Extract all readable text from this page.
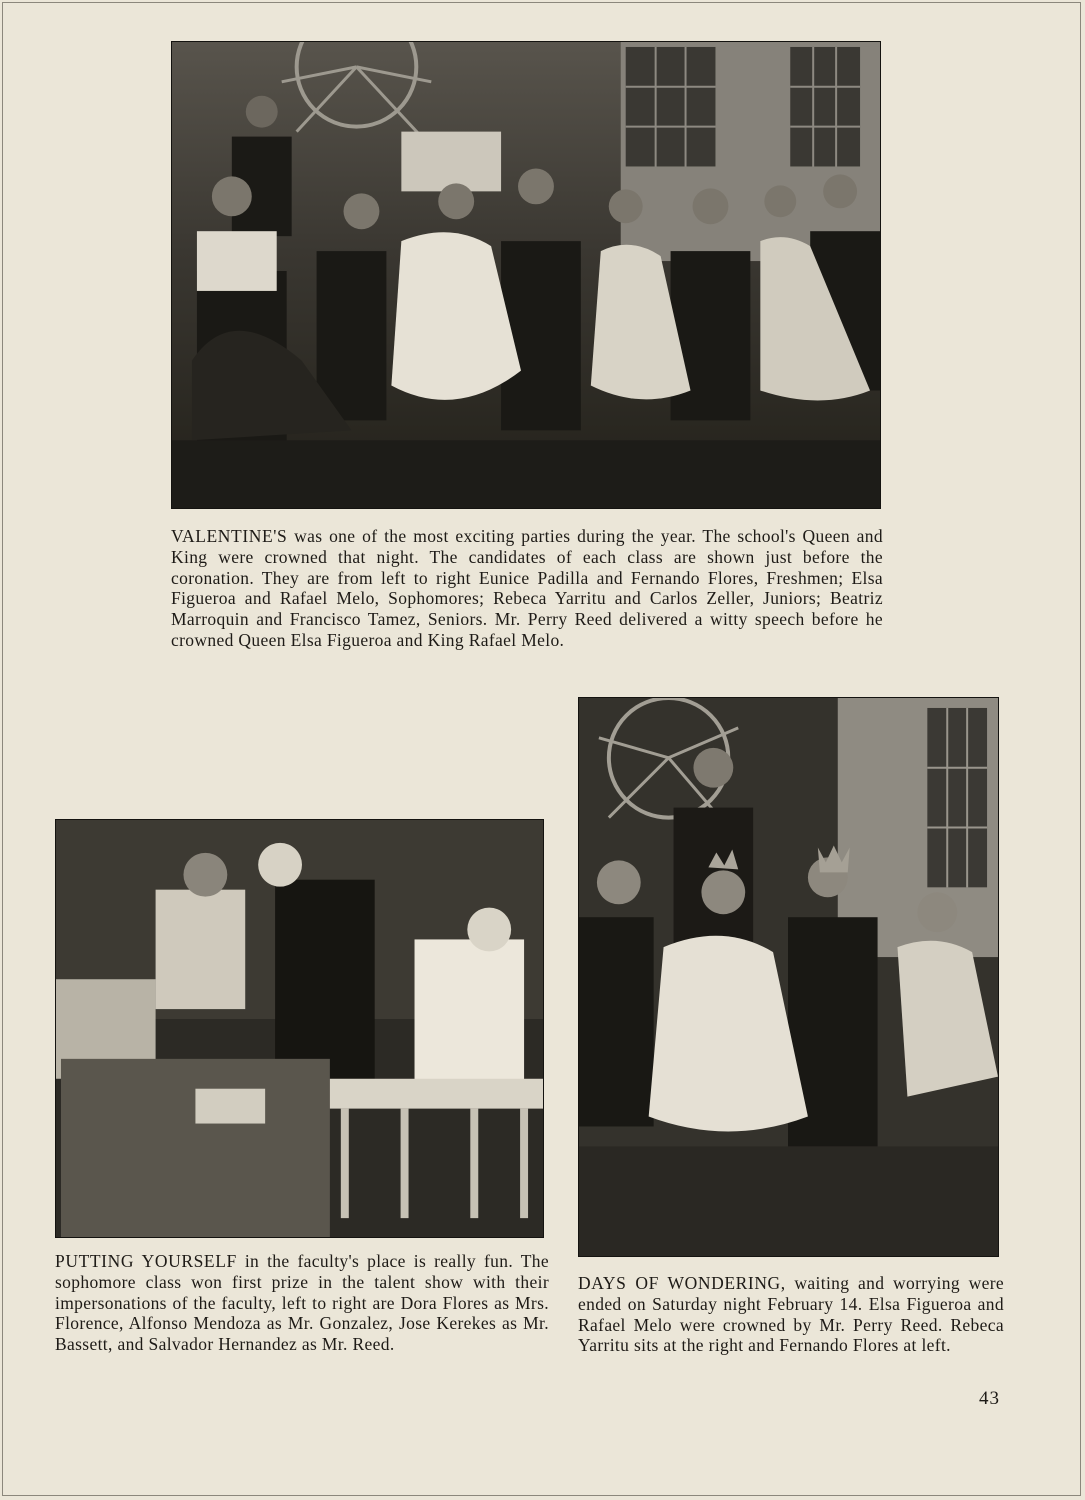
VALENTINE'S was one of the most exciting parties during the year. The school's Queen and King were crowned that night. The candidates of each class are shown just before the coronation. They are from left to right Eunice Padilla and Fernando Flores, Freshmen; Elsa Figueroa and Rafael Melo, Sophomores; Rebeca Yarritu and Carlos Zeller, Juniors; Beatriz Marroquin and Francisco Tamez, Seniors. Mr. Perry Reed delivered a witty speech before he crowned Queen Elsa Figueroa and King Rafael Melo.

PUTTING YOURSELF in the faculty's place is really fun. The sophomore class won first prize in the talent show with their impersonations of the faculty, left to right are Dora Flores as Mrs. Florence, Alfonso Mendoza as Mr. Gonzalez, Jose Kerekes as Mr. Bassett, and Salvador Hernandez as Mr. Reed.

DAYS OF WONDERING, waiting and worrying were ended on Saturday night February 14. Elsa Figueroa and Rafael Melo were crowned by Mr. Perry Reed. Rebeca Yarritu sits at the right and Fernando Flores at left.

43
